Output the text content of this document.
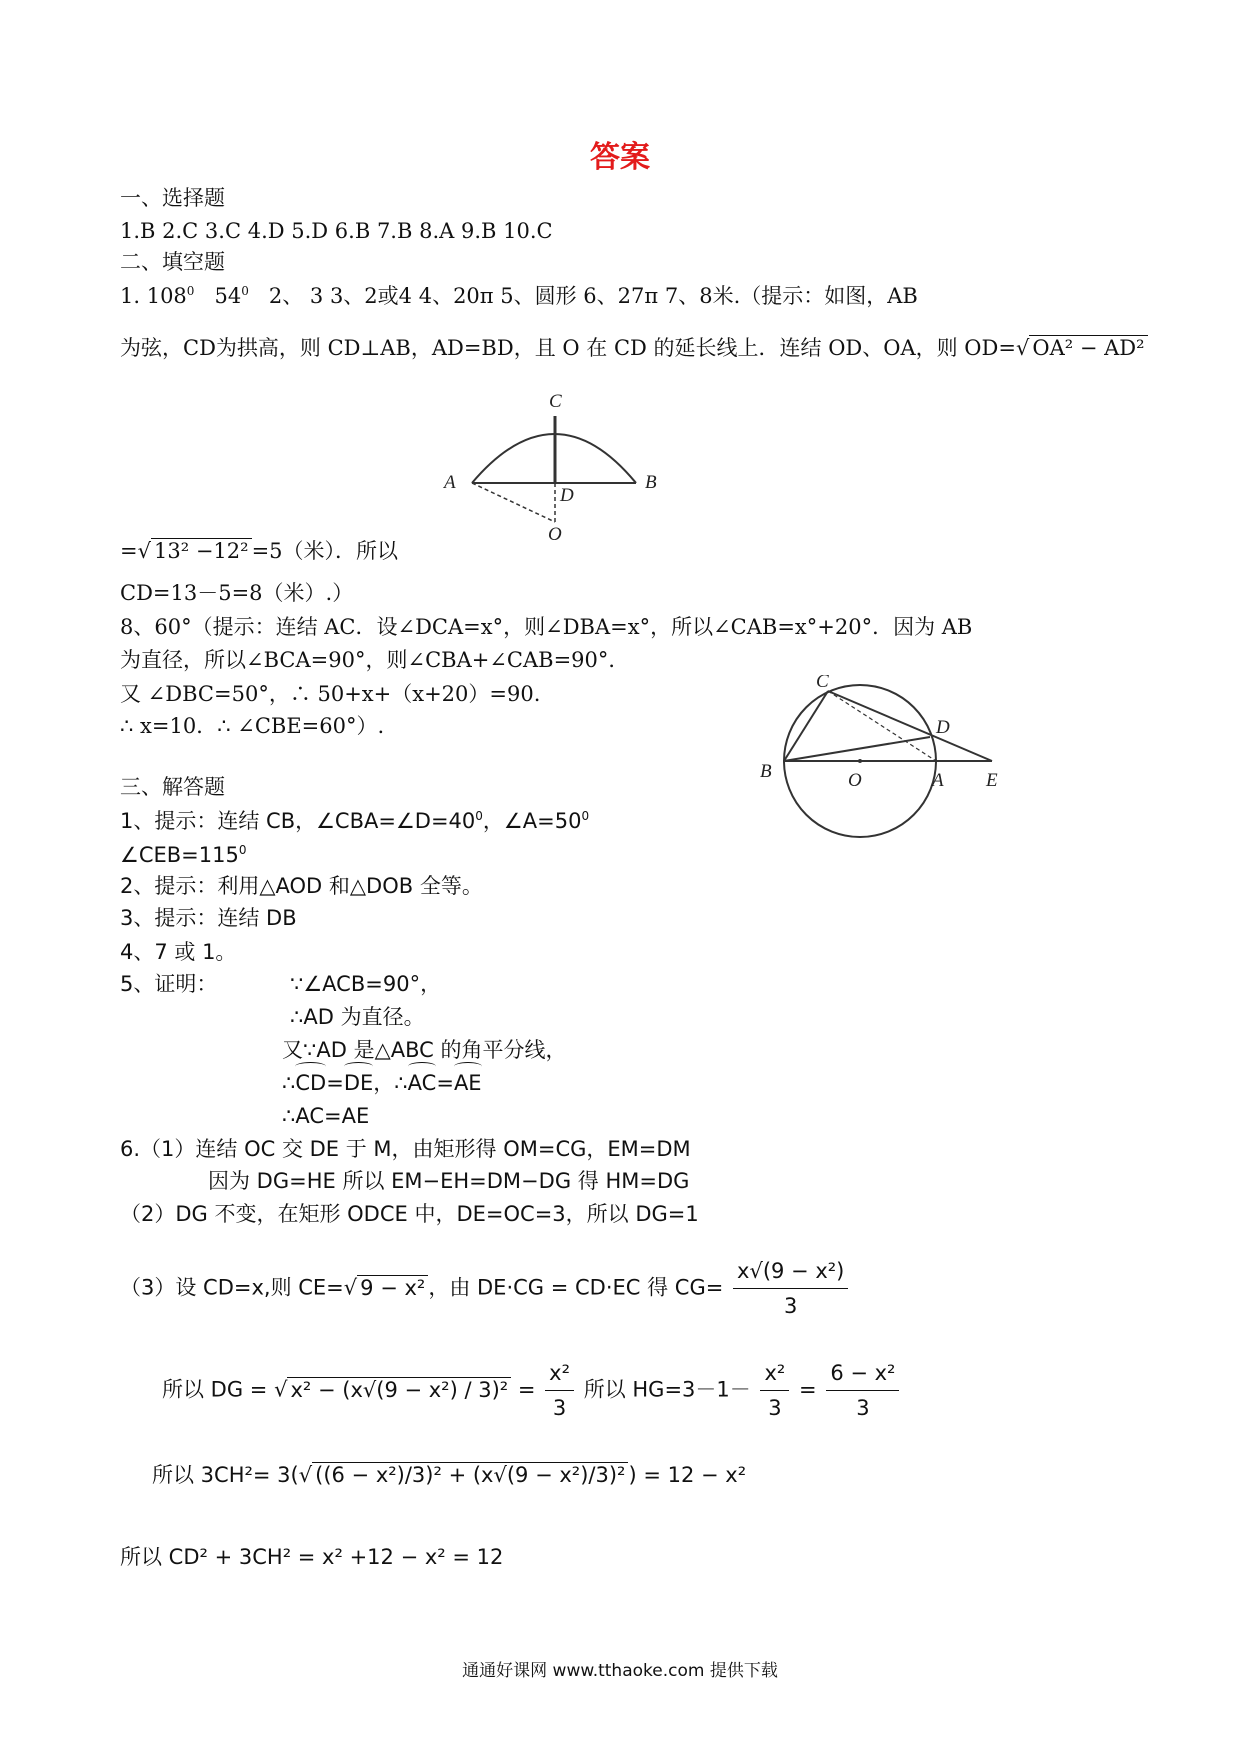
答案
一、选择题
1.B 2.C 3.C 4.D 5.D 6.B 7.B 8.A 9.B 10.C
二、填空题
1. $108^0$ $54^0$ 2、 3 3、2或4 4、20π 5、圆形 6、27π 7、8米.（提示：如图，AB
为弦，CD为拱高，则 CD⊥AB，AD=BD，且 O 在 CD 的延长线上．连结 OD、OA，则 OD=√ OA² − AD²
C
A
D
B
O
=√ 13² −12² =5（米）．所以
CD=13－5=8（米）.）
8、60°（提示：连结 AC．设∠DCA=x°，则∠DBA=x°，所以∠CAB=x°+20°．因为 AB
为直径，所以∠BCA=90°，则∠CBA+∠CAB=90°．
又 ∠DBC=50°，∴ 50+x+（x+20）=90.
∴ x=10．∴ ∠CBE=60°）.
C
D
B	O	A E
三、解答题
1、提示：连结 CB，$\angle CBA=\angle D=40^0$，$\angle A=50^0$
$\angle CEB=115^0$
2、提示：利用△AOD 和△DOB 全等。
3、提示：连结 DB
4、7 或 1。
5、证明：	∵∠ACB=90°，
∴AD 为直径。
又∵AD 是△ABC 的角平分线，
∴CD=DE，∴AC=AE
∴AC=AE
6.（1）连结 OC 交 DE 于 M，由矩形得 OM=CG，EM=DM
因为 DG=HE 所以 EM−EH=DM−DG 得 HM=DG
（2）DG 不变，在矩形 ODCE 中，DE=OC=3，所以 DG=1
（3）设 CD=x,则 CE=√ 9 − x² ，由 DE·CG = CD·EC 得 $CG= \frac{\text{x√(9 − x²)}}{3}$
所以 DG = √ $x^2 - (x√(9 - x^2) / 3)^2 = \frac{\text{x²}}{3}$ 所以 $HG=3-1- \frac{\text{x²}}{3} = \frac{\text{6 − x²}}{3}$
所以 3CH²= 3(√ ((6 − x²)/3)² + (x√(9 − x²)/3)² ) = 12 − x²
所以 CD² + 3CH² = x² +12 − x² = 12
通通好课网 www.tthaoke.com 提供下载
